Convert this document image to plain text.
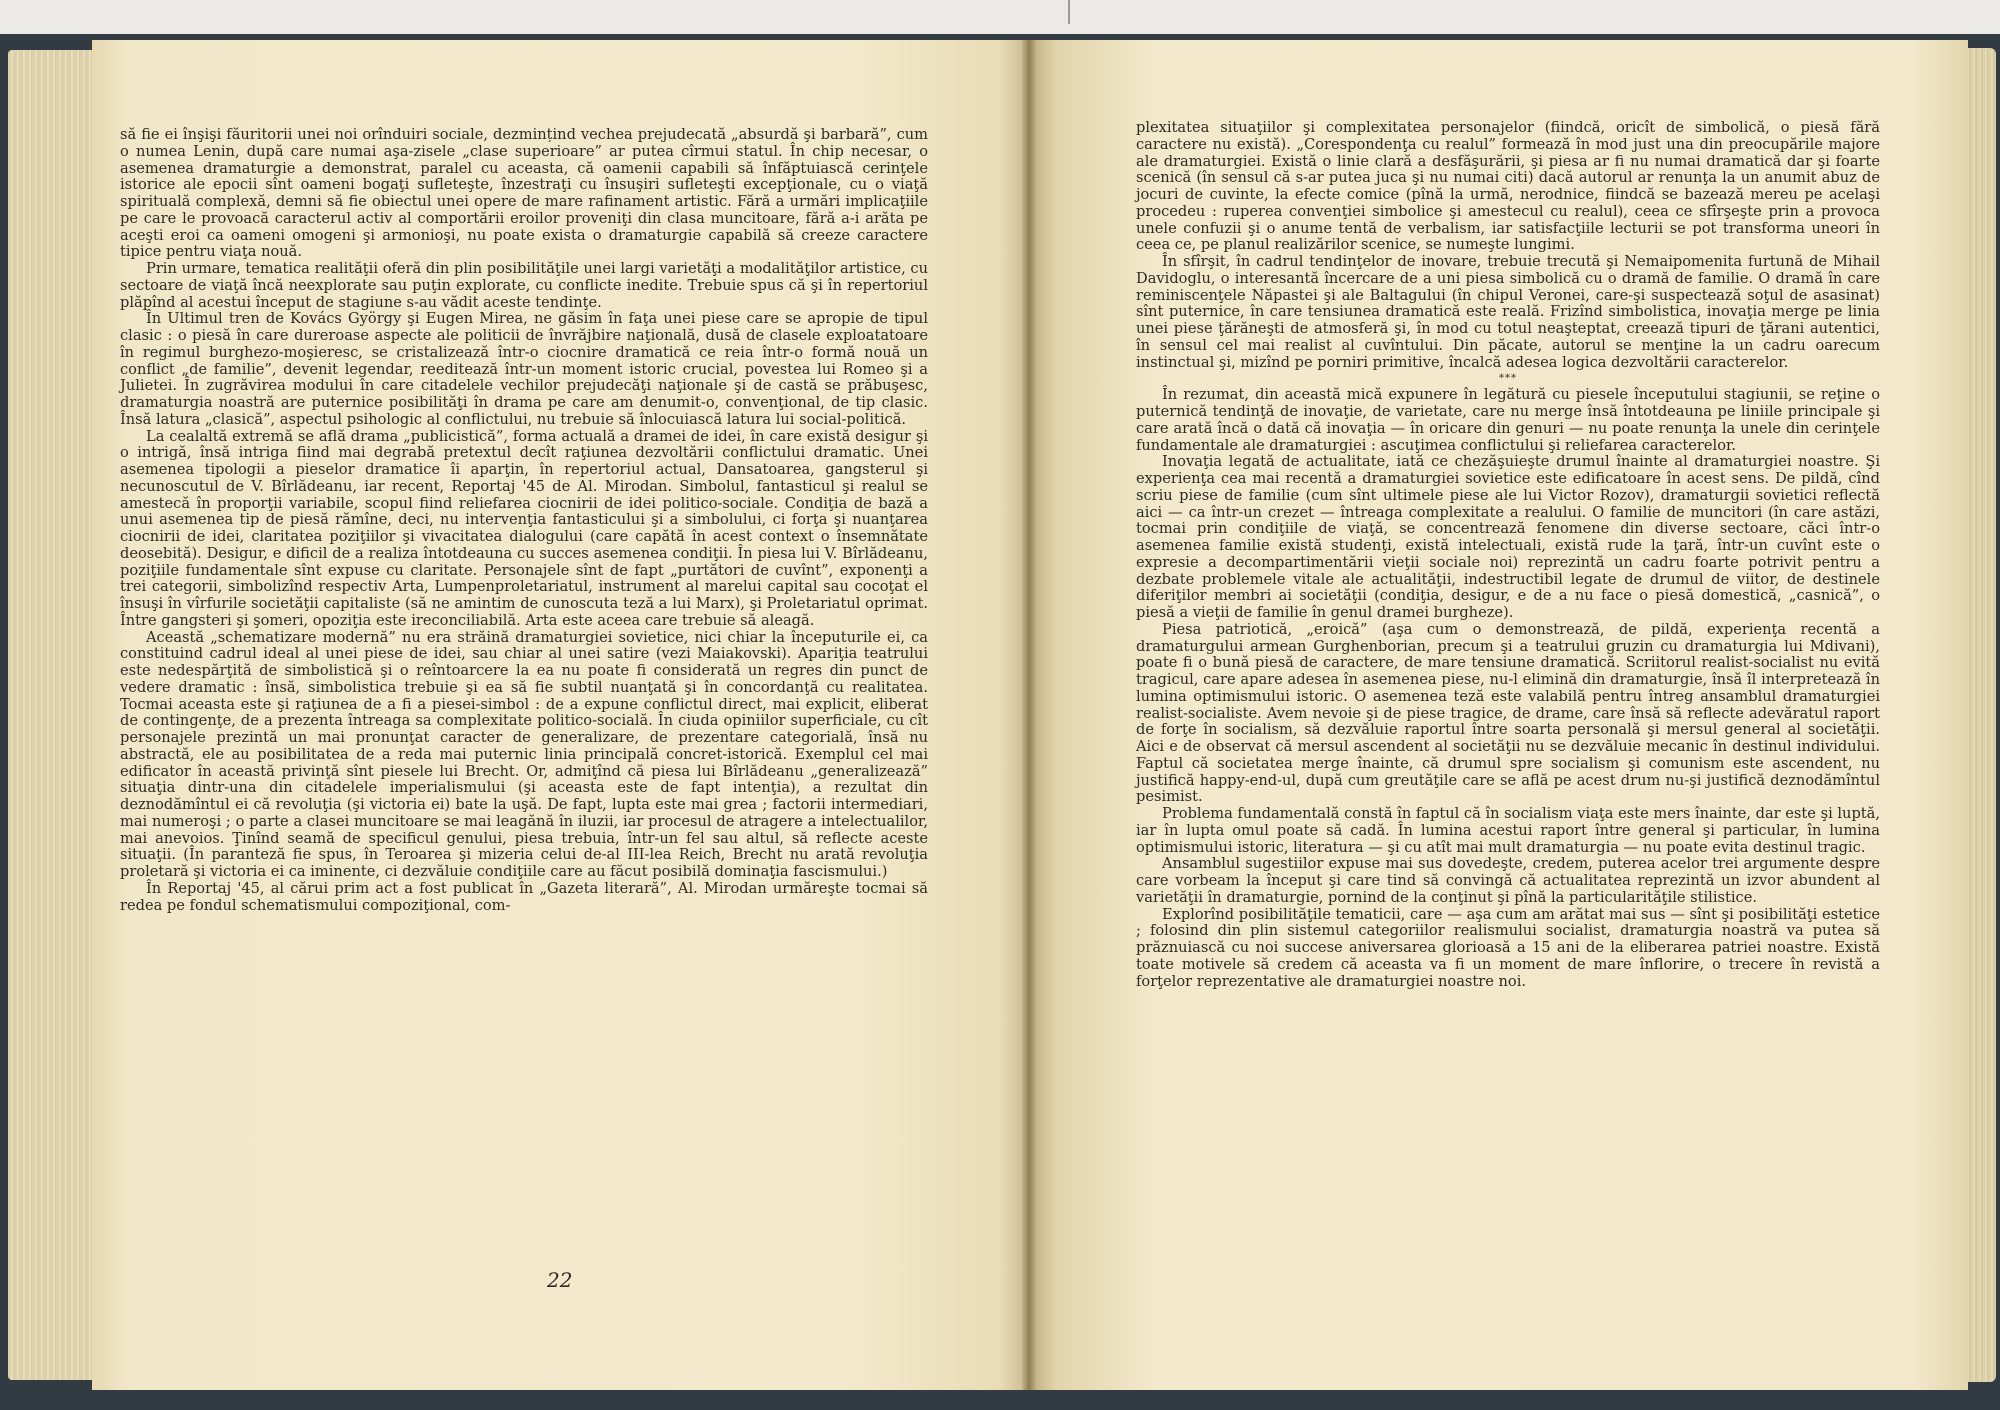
să fie ei înşişi făuritorii unei noi orînduiri sociale, dezmințind vechea prejudecată „absurdă şi barbară”, cum o numea Lenin, după care numai aşa-zisele „clase superioare” ar putea cîrmui statul. În chip necesar, o asemenea dramaturgie a demonstrat, paralel cu aceasta, că oamenii capabili să înfăptuiască cerinţele istorice ale epocii sînt oameni bogaţi sufleteşte, înzestraţi cu însuşiri sufleteşti excepţionale, cu o viaţă spirituală complexă, demni să fie obiectul unei opere de mare rafinament artistic. Fără a urmări implicaţiile pe care le provoacă caracterul activ al comportării eroilor proveniţi din clasa muncitoare, fără a-i arăta pe aceşti eroi ca oameni omogeni şi armonioşi, nu poate exista o dramaturgie capabilă să creeze caractere tipice pentru viaţa nouă.

Prin urmare, tematica realităţii oferă din plin posibilităţile unei largi varietăţi a modalităţilor artistice, cu sectoare de viaţă încă neexplorate sau puţin explorate, cu conflicte inedite. Trebuie spus că şi în repertoriul plăpînd al acestui început de stagiune s-au vădit aceste tendinţe.

În Ultimul tren de Kovács György şi Eugen Mirea, ne găsim în faţa unei piese care se apropie de tipul clasic : o piesă în care dureroase aspecte ale politicii de învrăjbire naţională, dusă de clasele exploatatoare în regimul burghezo-moşieresc, se cristalizează într-o ciocnire dramatică ce reia într-o formă nouă un conflict „de familie”, devenit legendar, reeditează într-un moment istoric crucial, povestea lui Romeo şi a Julietei. În zugrăvirea modului în care citadelele vechilor prejudecăţi naţionale şi de castă se prăbuşesc, dramaturgia noastră are puternice posibilităţi în drama pe care am denumit-o, convenţional, de tip clasic. Însă latura „clasică”, aspectul psihologic al conflictului, nu trebuie să înlocuiască latura lui social-politică.

La cealaltă extremă se află drama „publicistică”, forma actuală a dramei de idei, în care există desigur şi o intrigă, însă intriga fiind mai degrabă pretextul decît raţiunea dezvoltării conflictului dramatic. Unei asemenea tipologii a pieselor dramatice îi aparţin, în repertoriul actual, Dansatoarea, gangsterul şi necunoscutul de V. Bîrlădeanu, iar recent, Reportaj '45 de Al. Mirodan. Simbolul, fantasticul şi realul se amestecă în proporţii variabile, scopul fiind reliefarea ciocnirii de idei politico-sociale. Condiţia de bază a unui asemenea tip de piesă rămîne, deci, nu intervenţia fantasticului şi a simbolului, ci forţa şi nuanţarea ciocnirii de idei, claritatea poziţiilor şi vivacitatea dialogului (care capătă în acest context o însemnătate deosebită). Desigur, e dificil de a realiza întotdeauna cu succes asemenea condiţii. În piesa lui V. Bîrlădeanu, poziţiile fundamentale sînt expuse cu claritate. Personajele sînt de fapt „purtători de cuvînt”, exponenţi a trei categorii, simbolizînd respectiv Arta, Lumpenproletariatul, instrument al marelui capital sau cocoţat el însuşi în vîrfurile societăţii capitaliste (să ne amintim de cunoscuta teză a lui Marx), şi Proletariatul oprimat. Între gangsteri şi şomeri, opoziţia este ireconciliabilă. Arta este aceea care trebuie să aleagă.

Această „schematizare modernă” nu era străină dramaturgiei sovietice, nici chiar la începuturile ei, ca constituind cadrul ideal al unei piese de idei, sau chiar al unei satire (vezi Maiakovski). Apariţia teatrului este nedespărţită de simbolistică şi o reîntoarcere la ea nu poate fi considerată un regres din punct de vedere dramatic : însă, simbolistica trebuie şi ea să fie subtil nuanţată şi în concordanţă cu realitatea. Tocmai aceasta este şi raţiunea de a fi a piesei-simbol : de a expune conflictul direct, mai explicit, eliberat de contingenţe, de a prezenta întreaga sa complexitate politico-socială. În ciuda opiniilor superficiale, cu cît personajele prezintă un mai pronunţat caracter de generalizare, de prezentare categorială, însă nu abstractă, ele au posibilitatea de a reda mai puternic linia principală concret-istorică. Exemplul cel mai edificator în această privinţă sînt piesele lui Brecht. Or, admiţînd că piesa lui Bîrlădeanu „generalizează” situaţia dintr-una din citadelele imperialismului (şi aceasta este de fapt intenţia), a rezultat din deznodămîntul ei că revoluţia (şi victoria ei) bate la uşă. De fapt, lupta este mai grea ; factorii intermediari, mai numeroşi ; o parte a clasei muncitoare se mai leagănă în iluzii, iar procesul de atragere a intelectualilor, mai anevoios. Ţinînd seamă de specificul genului, piesa trebuia, într-un fel sau altul, să reflecte aceste situaţii. (În paranteză fie spus, în Teroarea şi mizeria celui de-al III-lea Reich, Brecht nu arată revoluţia proletară şi victoria ei ca iminente, ci dezvăluie condiţiile care au făcut posibilă dominaţia fascismului.)

În Reportaj '45, al cărui prim act a fost publicat în „Gazeta literară”, Al. Mirodan urmăreşte tocmai să redea pe fondul schematismului compoziţional, com-

22

plexitatea situaţiilor şi complexitatea personajelor (fiindcă, oricît de simbolică, o piesă fără caractere nu există). „Corespondenţa cu realul” formează în mod just una din preocupările majore ale dramaturgiei. Există o linie clară a desfăşurării, şi piesa ar fi nu numai dramatică dar şi foarte scenică (în sensul că s-ar putea juca şi nu numai citi) dacă autorul ar renunţa la un anumit abuz de jocuri de cuvinte, la efecte comice (pînă la urmă, nerodnice, fiindcă se bazează mereu pe acelaşi procedeu : ruperea convenţiei simbolice şi amestecul cu realul), ceea ce sfîrşeşte prin a provoca unele confuzii şi o anume tentă de verbalism, iar satisfacţiile lecturii se pot transforma uneori în ceea ce, pe planul realizărilor scenice, se numeşte lungimi.

În sfîrşit, în cadrul tendinţelor de inovare, trebuie trecută şi Nemaipomenita furtună de Mihail Davidoglu, o interesantă încercare de a uni piesa simbolică cu o dramă de familie. O dramă în care reminiscenţele Năpastei şi ale Baltagului (în chipul Veronei, care-şi suspectează soţul de asasinat) sînt puternice, în care tensiunea dramatică este reală. Frizînd simbolistica, inovaţia merge pe linia unei piese ţărăneşti de atmosferă şi, în mod cu totul neaşteptat, creează tipuri de ţărani autentici, în sensul cel mai realist al cuvîntului. Din păcate, autorul se menţine la un cadru oarecum instinctual şi, mizînd pe porniri primitive, încalcă adesea logica dezvoltării caracterelor.

***

În rezumat, din această mică expunere în legătură cu piesele începutului stagiunii, se reţine o puternică tendinţă de inovaţie, de varietate, care nu merge însă întotdeauna pe liniile principale şi care arată încă o dată că inovaţia — în oricare din genuri — nu poate renunţa la unele din cerinţele fundamentale ale dramaturgiei : ascuţimea conflictului şi reliefarea caracterelor.

Inovaţia legată de actualitate, iată ce chezăşuieşte drumul înainte al dramaturgiei noastre. Şi experienţa cea mai recentă a dramaturgiei sovietice este edificatoare în acest sens. De pildă, cînd scriu piese de familie (cum sînt ultimele piese ale lui Victor Rozov), dramaturgii sovietici reflectă aici — ca într-un crezet — întreaga complexitate a realului. O familie de muncitori (în care astăzi, tocmai prin condiţiile de viaţă, se concentrează fenomene din diverse sectoare, căci într-o asemenea familie există studenţi, există intelectuali, există rude la ţară, într-un cuvînt este o expresie a decompartimentării vieţii sociale noi) reprezintă un cadru foarte potrivit pentru a dezbate problemele vitale ale actualităţii, indestructibil legate de drumul de viitor, de destinele diferiţilor membri ai societăţii (condiţia, desigur, e de a nu face o piesă domestică, „casnică”, o piesă a vieţii de familie în genul dramei burgheze).

Piesa patriotică, „eroică” (aşa cum o demonstrează, de pildă, experienţa recentă a dramaturgului armean Gurghenborian, precum şi a teatrului gruzin cu dramaturgia lui Mdivani), poate fi o bună piesă de caractere, de mare tensiune dramatică. Scriitorul realist-socialist nu evită tragicul, care apare adesea în asemenea piese, nu-l elimină din dramaturgie, însă îl interpretează în lumina optimismului istoric. O asemenea teză este valabilă pentru întreg ansamblul dramaturgiei realist-socialiste. Avem nevoie şi de piese tragice, de drame, care însă să reflecte adevăratul raport de forţe în socialism, să dezvăluie raportul între soarta personală şi mersul general al societăţii. Aici e de observat că mersul ascendent al societăţii nu se dezvăluie mecanic în destinul individului. Faptul că societatea merge înainte, că drumul spre socialism şi comunism este ascendent, nu justifică happy-end-ul, după cum greutăţile care se află pe acest drum nu-şi justifică deznodămîntul pesimist.

Problema fundamentală constă în faptul că în socialism viaţa este mers înainte, dar este şi luptă, iar în lupta omul poate să cadă. În lumina acestui raport între general şi particular, în lumina optimismului istoric, literatura — şi cu atît mai mult dramaturgia — nu poate evita destinul tragic.

Ansamblul sugestiilor expuse mai sus dovedeşte, credem, puterea acelor trei argumente despre care vorbeam la început şi care tind să convingă că actualitatea reprezintă un izvor abundent al varietăţii în dramaturgie, pornind de la conţinut şi pînă la particularităţile stilistice.

Explorînd posibilităţile tematicii, care — aşa cum am arătat mai sus — sînt şi posibilităţi estetice ; folosind din plin sistemul categoriilor realismului socialist, dramaturgia noastră va putea să prăznuiască cu noi succese aniversarea glorioasă a 15 ani de la eliberarea patriei noastre. Există toate motivele să credem că aceasta va fi un moment de mare înflorire, o trecere în revistă a forţelor reprezentative ale dramaturgiei noastre noi.
